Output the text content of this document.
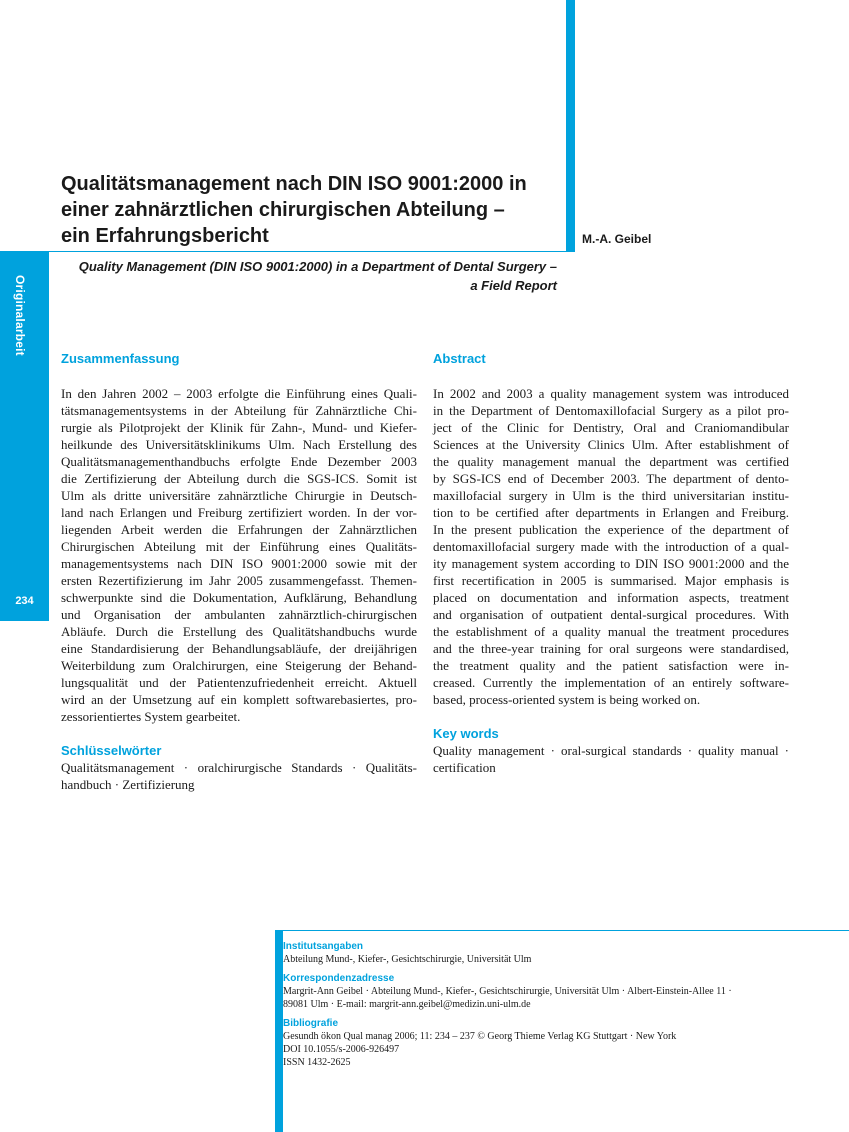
Originalarbeit
234
Qualitätsmanagement nach DIN ISO 9001:2000 in
einer zahnärztlichen chirurgischen Abteilung –
ein Erfahrungsbericht	M.-A. Geibel
Quality Management (DIN ISO 9001:2000) in a Department of Dental Surgery –
a Field Report

Zusammenfassung

In den Jahren 2002 – 2003 erfolgte die Einführung eines Quali-
tätsmanagementsystems in der Abteilung für Zahnärztliche Chi-
rurgie als Pilotprojekt der Klinik für Zahn-, Mund- und Kiefer-
heilkunde des Universitätsklinikums Ulm. Nach Erstellung des
Qualitätsmanagementhandbuchs erfolgte Ende Dezember 2003
die Zertifizierung der Abteilung durch die SGS-ICS. Somit ist
Ulm als dritte universitäre zahnärztliche Chirurgie in Deutsch-
land nach Erlangen und Freiburg zertifiziert worden. In der vor-
liegenden Arbeit werden die Erfahrungen der Zahnärztlichen
Chirurgischen Abteilung mit der Einführung eines Qualitäts-
managementsystems nach DIN ISO 9001:2000 sowie mit der
ersten Rezertifizierung im Jahr 2005 zusammengefasst. Themen-
schwerpunkte sind die Dokumentation, Aufklärung, Behandlung
und Organisation der ambulanten zahnärztlich-chirurgischen
Abläufe. Durch die Erstellung des Qualitätshandbuchs wurde
eine Standardisierung der Behandlungsabläufe, der dreijährigen
Weiterbildung zum Oralchirurgen, eine Steigerung der Behand-
lungsqualität und der Patientenzufriedenheit erreicht. Aktuell
wird an der Umsetzung auf ein komplett softwarebasiertes, pro-
zessorientiertes System gearbeitet.

Schlüsselwörter

Qualitätsmanagement · oralchirurgische Standards · Qualitäts-
handbuch · Zertifizierung

Abstract

In 2002 and 2003 a quality management system was introduced
in the Department of Dentomaxillofacial Surgery as a pilot pro-
ject of the Clinic for Dentistry, Oral and Craniomandibular
Sciences at the University Clinics Ulm. After establishment of
the quality management manual the department was certified
by SGS-ICS end of December 2003. The department of dento-
maxillofacial surgery in Ulm is the third universitarian institu-
tion to be certified after departments in Erlangen and Freiburg.
In the present publication the experience of the department of
dentomaxillofacial surgery made with the introduction of a qual-
ity management system according to DIN ISO 9001:2000 and the
first recertification in 2005 is summarised. Major emphasis is
placed on documentation and information aspects, treatment
and organisation of outpatient dental-surgical procedures. With
the establishment of a quality manual the treatment procedures
and the three-year training for oral surgeons were standardised,
the treatment quality and the patient satisfaction were in-
creased. Currently the implementation of an entirely software-
based, process-oriented system is being worked on.

Key words

Quality management · oral-surgical standards · quality manual ·
certification

Institutsangaben

Abteilung Mund-, Kiefer-, Gesichtschirurgie, Universität Ulm

Korrespondenzadresse

Margrit-Ann Geibel · Abteilung Mund-, Kiefer-, Gesichtschirurgie, Universität Ulm · Albert-Einstein-Allee 11 ·

89081 Ulm · E-mail: margrit-ann.geibel@medizin.uni-ulm.de

Bibliografie

Gesundh ökon Qual manag 2006; 11: 234 – 237 © Georg Thieme Verlag KG Stuttgart · New York

DOI 10.1055/s-2006-926497

ISSN 1432-2625
